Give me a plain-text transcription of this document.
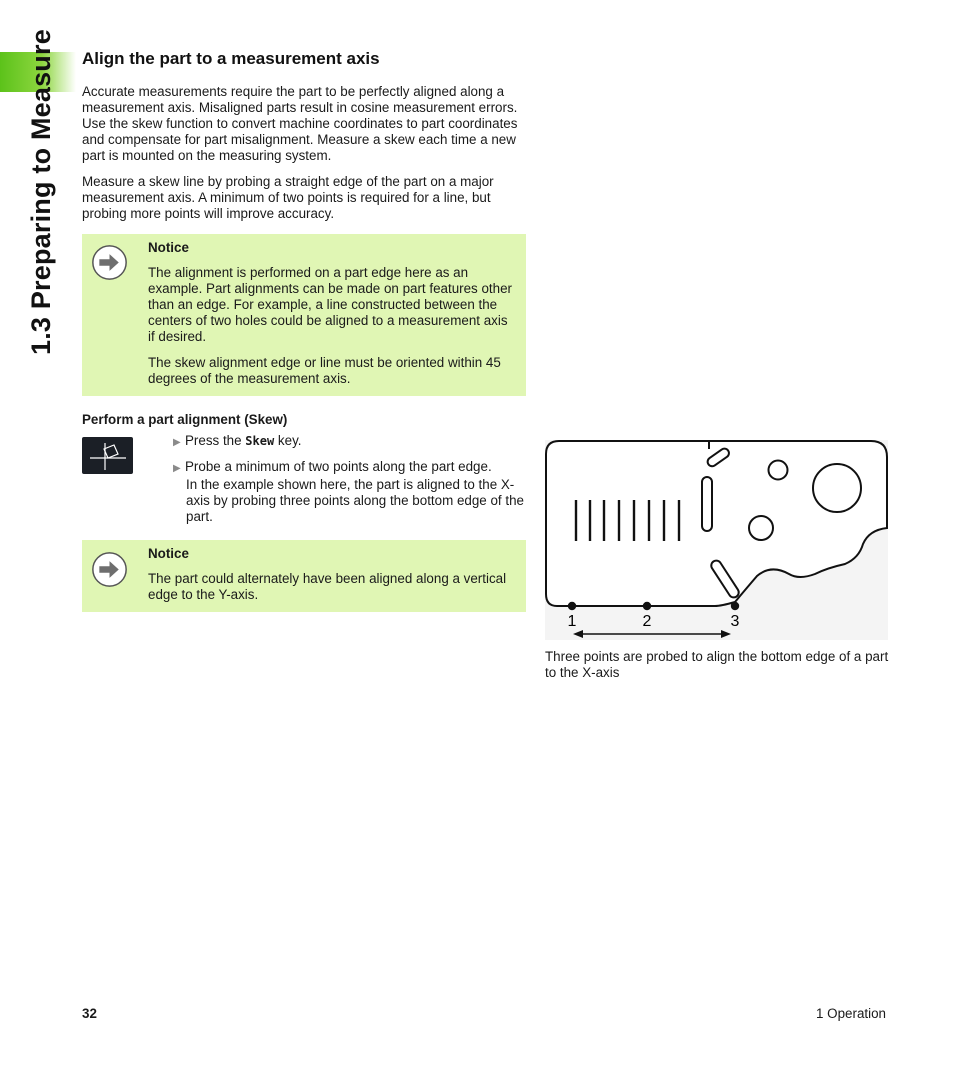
1.3 Preparing to Measure Align the part to a measurement axis

Accurate measurements require the part to be perfectly aligned along a measurement axis. Misaligned parts result in cosine measurement errors. Use the skew function to convert machine coordinates to part coordinates and compensate for part misalignment. Measure a skew each time a new part is mounted on the measuring system.

Measure a skew line by probing a straight edge of the part on a major measurement axis. A minimum of two points is required for a line, but probing more points will improve accuracy.

Notice

The alignment is performed on a part edge here as an example. Part alignments can be made on part features other than an edge. For example, a line constructed between the centers of two holes could be aligned to a measurement axis if desired.

The skew alignment edge or line must be oriented within 45 degrees of the measurement axis.

Perform a part alignment (Skew)

▶ Press the Skew key.

▶ Probe a minimum of two points along the part edge.
In the example shown here, the part is aligned to the X-axis by probing three points along the bottom edge of the part.

Notice

The part could alternately have been aligned along a vertical edge to the Y-axis.

1	2	3

Three points are probed to align the bottom edge of a part to the X-axis

32	1 Operation
